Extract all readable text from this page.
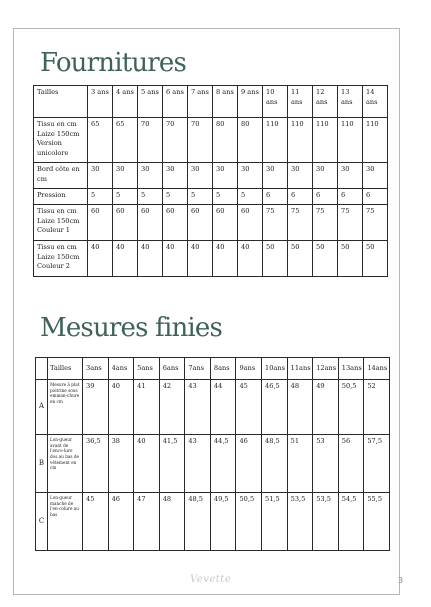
Fournitures
Tailles	3 ans	4 ans	5 ans	6 ans	7 ans	8 ans	9 ans	10 ans	11 ans	12 ans	13 ans	14 ans
Tissu en cm Laize 150cm Version unicolore	65	65	70	70	70	80	80	110	110	110	110	110
Bord côte en cm	30	30	30	30	30	30	30	30	30	30	30	30
Pression	5	5	5	5	5	5	5	6	6	6	6	6
Tissu en cm Laize 150cm Couleur 1	60	60	60	60	60	60	60	75	75	75	75	75
Tissu en cm Laize 150cm Couleur 2	40	40	40	40	40	40	40	50	50	50	50	50
Mesures finies
	Tailles	3ans	4ans	5ans	6ans	7ans	8ans	9ans	10ans	11ans	12ans	13ans	14ans
A	Mesure à plat poitrine sous emman-chure en cm	39	40	41	42	43	44	45	46,5	48	49	50,5	52
B	Lon-gueur avant de l'enco-lure dos au bas de vêtement en cm	36,5	38	40	41,5	43	44,5	46	48,5	51	53	56	57,5
C	Lon-gueur manche de l'en-colure au bas	45	46	47	48	48,5	49,5	50,5	51,5	53,5	53,5	54,5	55,5
Vevette	3
